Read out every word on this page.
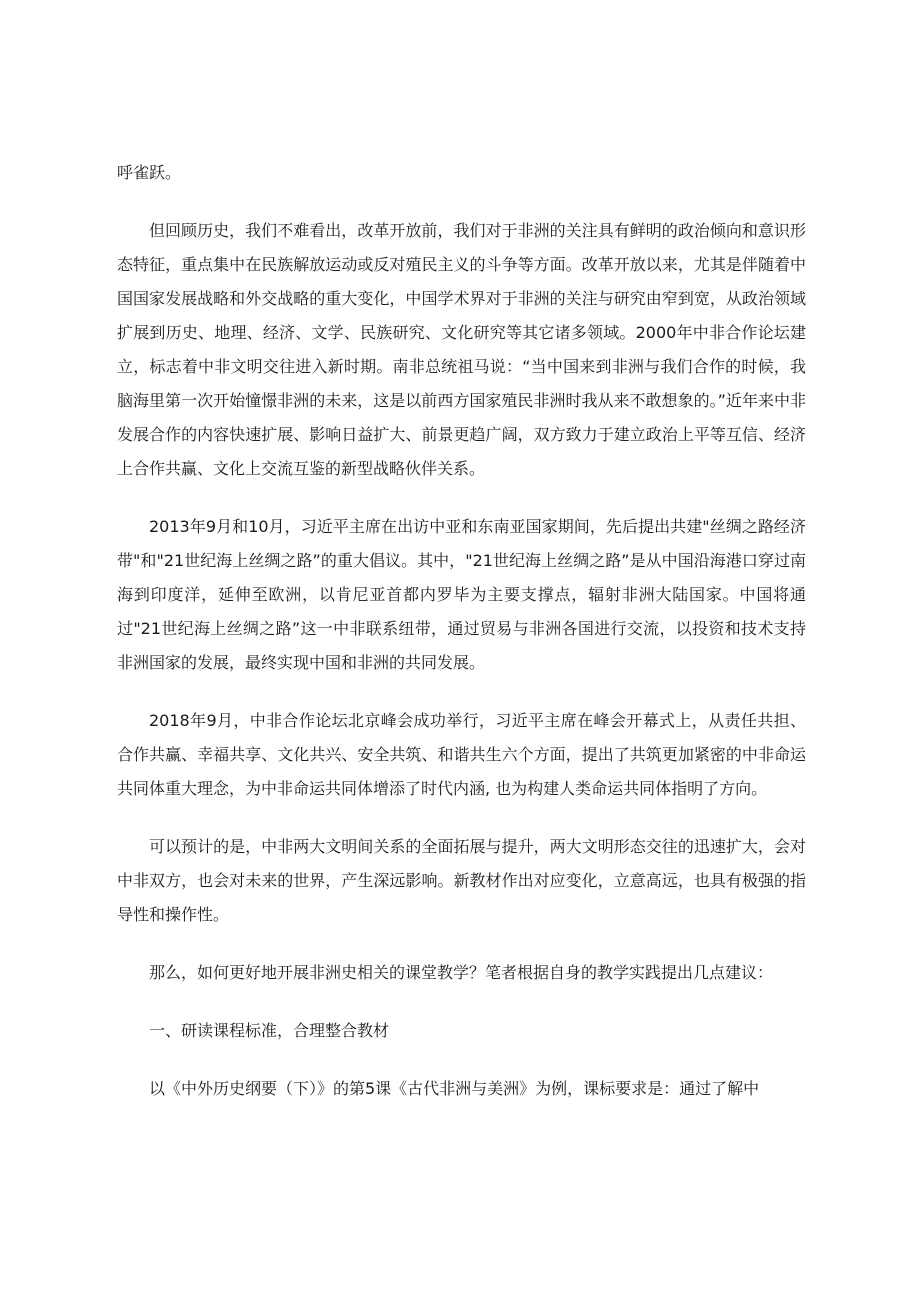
呼雀跃。

但回顾历史，我们不难看出，改革开放前，我们对于非洲的关注具有鲜明的政治倾向和意识形态特征，重点集中在民族解放运动或反对殖民主义的斗争等方面。改革开放以来，尤其是伴随着中国国家发展战略和外交战略的重大变化，中国学术界对于非洲的关注与研究由窄到宽，从政治领域扩展到历史、地理、经济、文学、民族研究、文化研究等其它诸多领域。2000年中非合作论坛建立，标志着中非文明交往进入新时期。南非总统祖马说：“当中国来到非洲与我们合作的时候，我脑海里第一次开始憧憬非洲的未来，这是以前西方国家殖民非洲时我从来不敢想象的。”近年来中非发展合作的内容快速扩展、影响日益扩大、前景更趋广阔，双方致力于建立政治上平等互信、经济上合作共赢、文化上交流互鉴的新型战略伙伴关系。

2013年9月和10月，习近平主席在出访中亚和东南亚国家期间，先后提出共建"丝绸之路经济带"和"21世纪海上丝绸之路”的重大倡议。其中，"21世纪海上丝绸之路”是从中国沿海港口穿过南海到印度洋，延伸至欧洲，以肯尼亚首都内罗毕为主要支撑点，辐射非洲大陆国家。中国将通过"21世纪海上丝绸之路”这一中非联系纽带，通过贸易与非洲各国进行交流，以投资和技术支持非洲国家的发展，最终实现中国和非洲的共同发展。

2018年9月，中非合作论坛北京峰会成功举行，习近平主席在峰会开幕式上，从责任共担、合作共赢、幸福共享、文化共兴、安全共筑、和谐共生六个方面，提出了共筑更加紧密的中非命运共同体重大理念，为中非命运共同体增添了时代内涵, 也为构建人类命运共同体指明了方向。

可以预计的是，中非两大文明间关系的全面拓展与提升，两大文明形态交往的迅速扩大，会对中非双方，也会对未来的世界，产生深远影响。新教材作出对应变化，立意高远，也具有极强的指导性和操作性。

那么，如何更好地开展非洲史相关的课堂教学？笔者根据自身的教学实践提出几点建议：

一、研读课程标准，合理整合教材

以《中外历史纲要（下）》的第5课《古代非洲与美洲》为例，课标要求是：通过了解中
